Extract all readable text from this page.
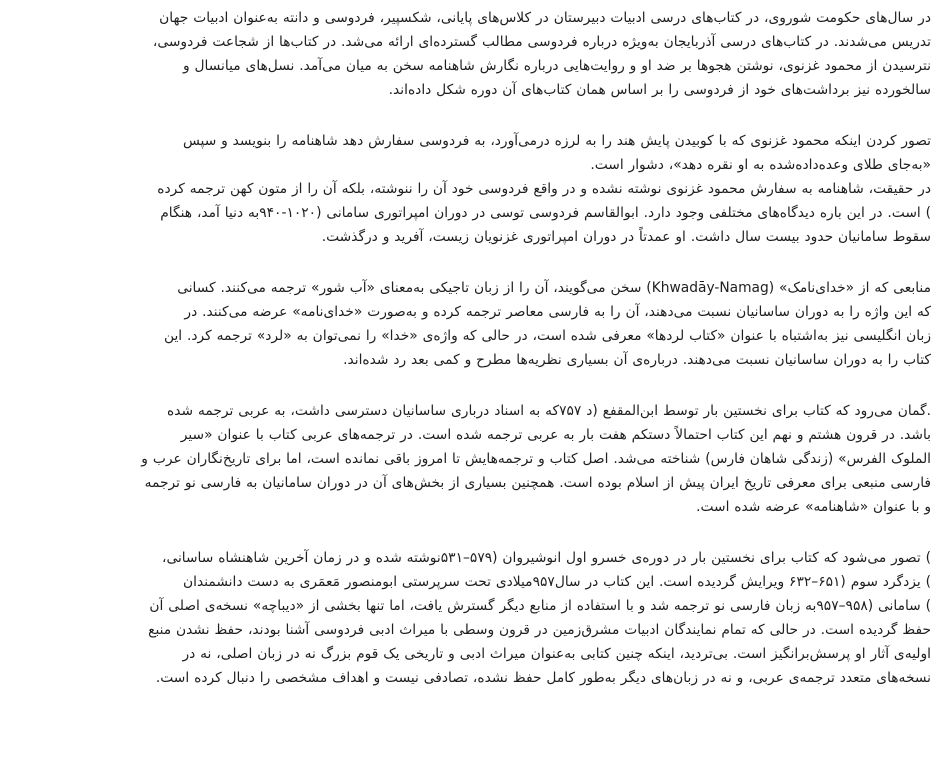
در سال‌های حکومت شوروی، در کتاب‌های درسی ادبیات دبیرستان در کلاس‌های پایانی، شکسپیر، فردوسی و دانته به‌عنوان ادبیات جهان
تدریس می‌شدند. در کتاب‌های درسی آذربایجان به‌ویژه درباره فردوسی مطالب گسترده‌ای ارائه می‌شد. در کتاب‌ها از شجاعت فردوسی،
نترسیدن از محمود غزنوی، نوشتن هجوها بر ضد او و روایت‌هایی درباره نگارش شاهنامه سخن به میان می‌آمد. نسل‌های میانسال و
سالخورده نیز برداشت‌های خود از فردوسی را بر اساس همان کتاب‌های آن دوره شکل داده‌اند.

تصور کردن اینکه محمود غزنوی که با کوبیدن پایش هند را به لرزه درمی‌آورد، به فردوسی سفارش دهد شاهنامه را بنویسد و سپس
«به‌جای طلای وعده‌داده‌شده به او نقره دهد»، دشوار است.
در حقیقت، شاهنامه به سفارش محمود غزنوی نوشته نشده و در واقع فردوسی خود آن را ننوشته، بلکه آن را از متون کهن ترجمه کرده
) است. در این باره دیدگاه‌های مختلفی وجود دارد. ابوالقاسم فردوسی توسی در دوران امپراتوری سامانی (۱۰۲۰-۹۴۰به دنیا آمد، هنگام
سقوط سامانیان حدود بیست سال داشت. او عمدتاً در دوران امپراتوری غزنویان زیست، آفرید و درگذشت.

منابعی که از «خدای‌نامک» (Khwadāy-Namag) سخن می‌گویند، آن را از زبان تاجیکی به‌معنای «آب شور» ترجمه می‌کنند. کسانی
که این واژه را به دوران ساسانیان نسبت می‌دهند، آن را به فارسی معاصر ترجمه کرده و به‌صورت «خدای‌نامه» عرضه می‌کنند. در
زبان انگلیسی نیز به‌اشتباه با عنوان «کتاب لردها» معرفی شده است، در حالی که واژه‌ی «خدا» را نمی‌توان به «لرد» ترجمه کرد. این
کتاب را به دوران ساسانیان نسبت می‌دهند. درباره‌ی آن بسیاری نظریه‌ها مطرح و کمی بعد رد شده‌اند.

.گمان می‌رود که کتاب برای نخستین بار توسط ابن‌المقفع (د ۷۵۷که به اسناد درباری ساسانیان دسترسی داشت، به عربی ترجمه شده
باشد. در قرون هشتم و نهم این کتاب احتمالاً دستکم هفت بار به عربی ترجمه شده است. در ترجمه‌های عربی کتاب با عنوان «سیر
الملوک الفرس» (زندگی شاهان فارس) شناخته می‌شد. اصل کتاب و ترجمه‌هایش تا امروز باقی نمانده است، اما برای تاریخ‌نگاران عرب و
فارسی منبعی برای معرفی تاریخ ایران پیش از اسلام بوده است. همچنین بسیاری از بخش‌های آن در دوران سامانیان به فارسی نو ترجمه
و با عنوان «شاهنامه» عرضه شده است.

) تصور می‌شود که کتاب برای نخستین بار در دوره‌ی خسرو اول انوشیروان (۵۷۹–۵۳۱نوشته شده و در زمان آخرین شاهنشاه ساسانی،
) یزدگرد سوم (۶۵۱–۶۳۲ ویرایش گردیده است. این کتاب در سال۹۵۷میلادی تحت سرپرستی ابومنصور مَعمَری به دست دانشمندان
) سامانی (۹۵۸–۹۵۷به زبان فارسی نو ترجمه شد و با استفاده از منابع دیگر گسترش یافت، اما تنها بخشی از «دیباچه» نسخه‌ی اصلی آن
حفظ گردیده است. در حالی که تمام نمایندگان ادبیات مشرق‌زمین در قرون وسطی با میراث ادبی فردوسی آشنا بودند، حفظ نشدن منبع
اولیه‌ی آثار او پرسش‌برانگیز است. بی‌تردید، اینکه چنین کتابی به‌عنوان میراث ادبی و تاریخی یک قوم بزرگ نه در زبان اصلی، نه در
نسخه‌های متعدد ترجمه‌ی عربی، و نه در زبان‌های دیگر به‌طور کامل حفظ نشده، تصادفی نیست و اهداف مشخصی را دنبال کرده است.
